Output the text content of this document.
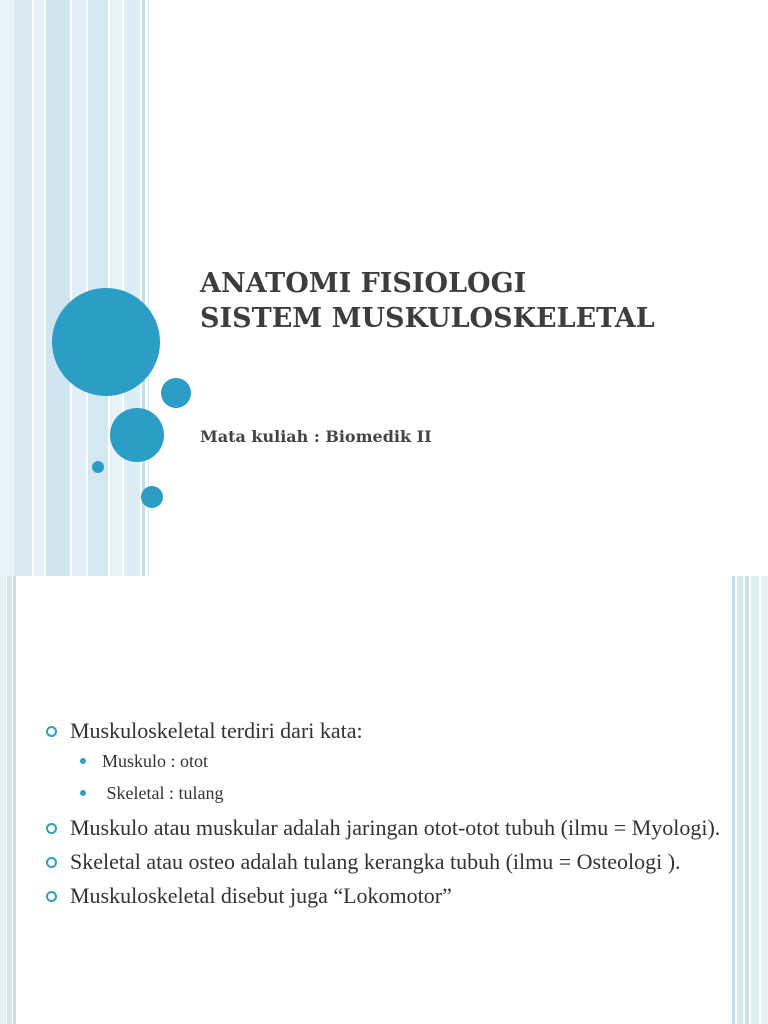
ANATOMI FISIOLOGI
SISTEM MUSKULOSKELETAL
Mata kuliah : Biomedik II
Muskuloskeletal terdiri dari kata:
Muskulo : otot
Skeletal : tulang
Muskulo atau muskular adalah jaringan otot-otot tubuh (ilmu = Myologi).
Skeletal atau osteo adalah tulang kerangka tubuh (ilmu = Osteologi ).
Muskuloskeletal disebut juga “Lokomotor”
